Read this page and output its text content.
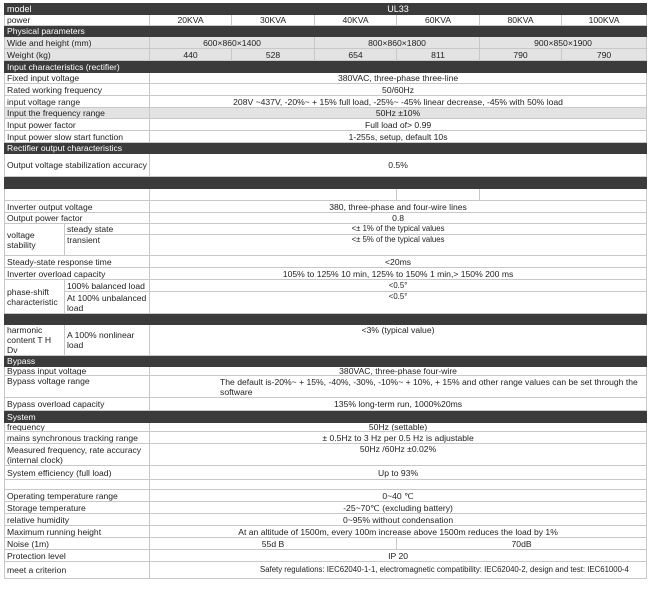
model		UL33					
power		20KVA	30KVA	40KVA	60KVA	80KVA	100KVA
Physical parameters							
Wide and height (mm)		600×860×1400		800×860×1800		900×850×1900	
Weight (kg)		440	528	654	811	790	790
Input characteristics (rectifier)							
Fixed input voltage		380VAC, three-phase three-line					
Rated working frequency		50/60Hz					
input voltage range		208V ~437V, -20%~ + 15% full load, -25%~ -45% linear decrease, -45% with 50% load					
Input the frequency range		50Hz ±10%					
Input power factor		Full load of> 0.99					
Input power slow start function		1-255s, setup, default 10s					
Rectifier output characteristics							
Output voltage stabilization accuracy		0.5%					

Inverter output voltage		380, three-phase and four-wire lines					
Output power factor		0.8					
voltage stability	steady state	<± 1% of the typical values					
	transient	<± 5% of the typical values					
Steady-state response time		<20ms					
Inverter overload capacity		105% to 125% 10 min, 125% to 150% 1 min,> 150% 200 ms					
phase-shift characteristic	100% balanced load	<0.5°					
	At 100% unbalanced load	<0.5°					

harmonic content T H Dv	A 100% nonlinear load	<3% (typical value)					
Bypass							
Bypass input voltage		380VAC, three-phase four-wire					
Bypass voltage range		The default is-20%~ + 15%, -40%, -30%, -10%~ + 10%, + 15% and other range values can be set through the software					
Bypass overload capacity		135% long-term run, 1000%20ms					
System							
frequency		50Hz (settable)					
mains synchronous tracking range		± 0.5Hz to 3 Hz per 0.5 Hz is adjustable					
Measured frequency, rate accuracy (internal clock)		50Hz /60Hz ±0.02%					
System efficiency (full load)		Up to 93%					

Operating temperature range		0~40 ℃					
Storage temperature		-25~70℃ (excluding battery)					
relative humidity		0~95% without condensation					
Maximum running height		At an altitude of 1500m, every 100m increase above 1500m reduces the load by 1%					
Noise (1m)		55d B			70dB		
Protection level		IP 20					
meet a criterion		Safety regulations: IEC62040-1-1, electromagnetic compatibility: IEC62040-2, design and test: IEC61000-4					
